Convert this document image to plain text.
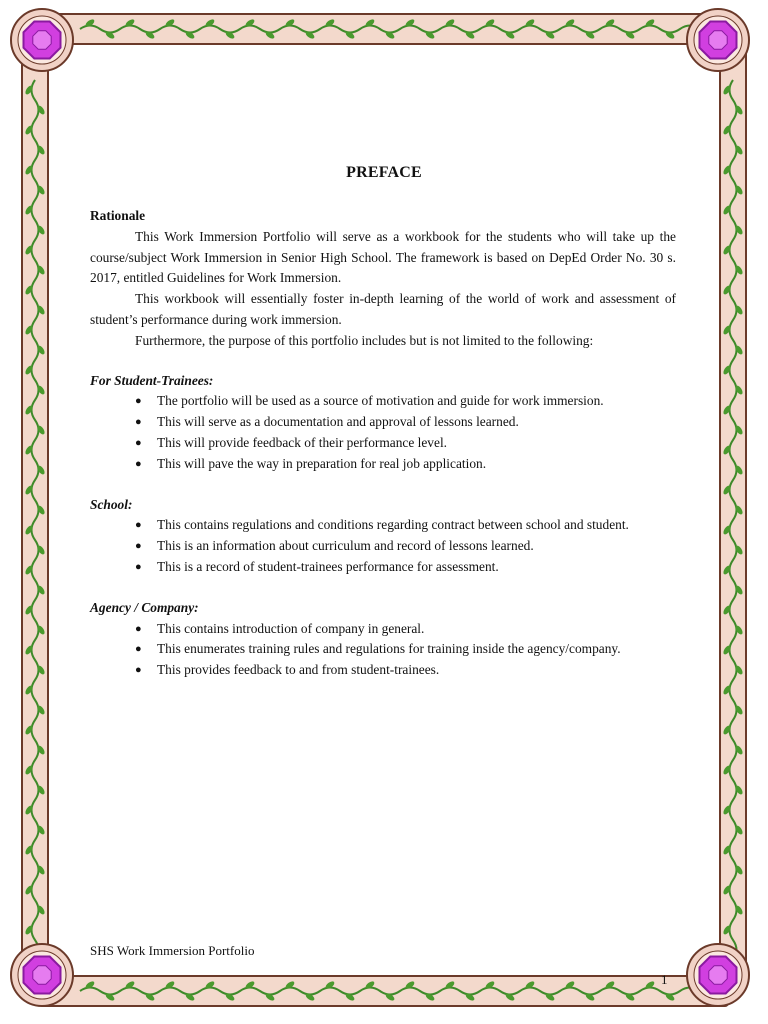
PREFACE

Rationale

This Work Immersion Portfolio will serve as a workbook for the students who will take up the course/subject Work Immersion in Senior High School. The framework is based on DepEd Order No. 30 s. 2017, entitled Guidelines for Work Immersion.

This workbook will essentially foster in-depth learning of the world of work and assessment of student’s performance during work immersion.

Furthermore, the purpose of this portfolio includes but is not limited to the following:

For Student-Trainees:

● The portfolio will be used as a source of motivation and guide for work immersion.
● This will serve as a documentation and approval of lessons learned.
● This will provide feedback of their performance level.
● This will pave the way in preparation for real job application.

School:

● This contains regulations and conditions regarding contract between school and student.
● This is an information about curriculum and record of lessons learned.
● This is a record of student-trainees performance for assessment.

Agency / Company:

● This contains introduction of company in general.
● This enumerates training rules and regulations for training inside the agency/company.
● This provides feedback to and from student-trainees.
SHS Work Immersion Portfolio
1
